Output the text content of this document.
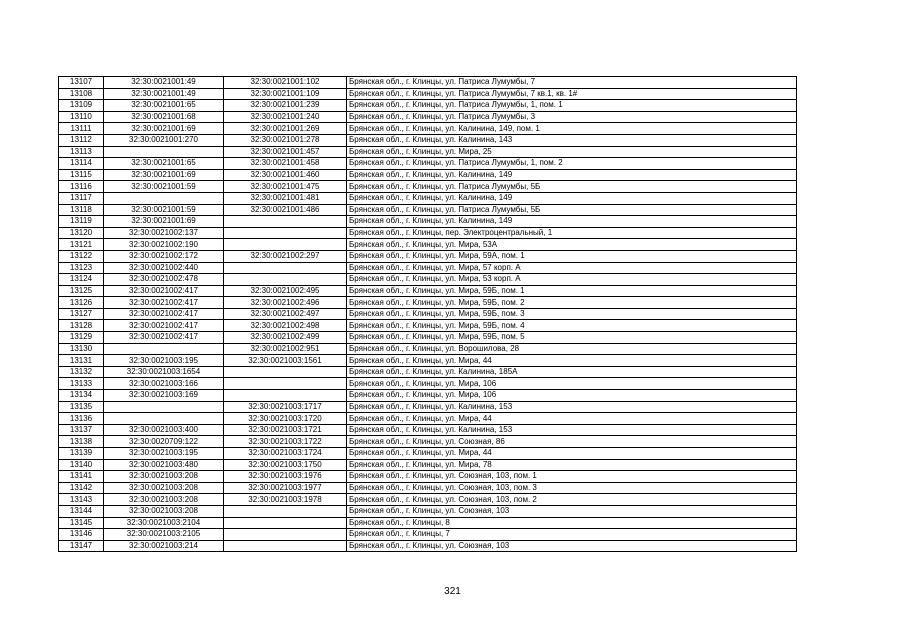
13107	32:30:0021001:49	32:30:0021001:102	Брянская обл., г. Клинцы, ул. Патриса Лумумбы, 7
13108	32:30:0021001:49	32:30:0021001:109	Брянская обл., г. Клинцы, ул. Патриса Лумумбы, 7 кв.1, кв. 1#
13109	32:30:0021001:65	32:30:0021001:239	Брянская обл., г. Клинцы, ул. Патриса Лумумбы, 1, пом. 1
13110	32:30:0021001:68	32:30:0021001:240	Брянская обл., г. Клинцы, ул. Патриса Лумумбы, 3
13111	32:30:0021001:69	32:30:0021001:269	Брянская обл., г. Клинцы, ул. Калинина, 149, пом. 1
13112	32:30:0021001:270	32:30:0021001:278	Брянская обл., г. Клинцы, ул. Калинина, 143
13113		32:30:0021001:457	Брянская обл., г. Клинцы, ул. Мира, 25
13114	32:30:0021001:65	32:30:0021001:458	Брянская обл., г. Клинцы, ул. Патриса Лумумбы, 1, пом. 2
13115	32:30:0021001:69	32:30:0021001:460	Брянская обл., г. Клинцы, ул. Калинина, 149
13116	32:30:0021001:59	32:30:0021001:475	Брянская обл., г. Клинцы, ул. Патриса Лумумбы, 5Б
13117		32:30:0021001:481	Брянская обл., г. Клинцы, ул. Калинина, 149
13118	32:30:0021001:59	32:30:0021001:486	Брянская обл., г. Клинцы, ул. Патриса Лумумбы, 5Б
13119	32:30:0021001:69		Брянская обл., г. Клинцы, ул. Калинина, 149
13120	32:30:0021002:137		Брянская обл., г. Клинцы, пер. Электроцентральный, 1
13121	32:30:0021002:190		Брянская обл., г. Клинцы, ул. Мира, 53А
13122	32:30:0021002:172	32:30:0021002:297	Брянская обл., г. Клинцы, ул. Мира, 59А, пом. 1
13123	32:30:0021002:440		Брянская обл., г. Клинцы, ул. Мира, 57 корп. А
13124	32:30:0021002:478		Брянская обл., г. Клинцы, ул. Мира, 53 корп. А
13125	32:30:0021002:417	32:30:0021002:495	Брянская обл., г. Клинцы, ул. Мира, 59Б, пом. 1
13126	32:30:0021002:417	32:30:0021002:496	Брянская обл., г. Клинцы, ул. Мира, 59Б, пом. 2
13127	32:30:0021002:417	32:30:0021002:497	Брянская обл., г. Клинцы, ул. Мира, 59Б, пом. 3
13128	32:30:0021002:417	32:30:0021002:498	Брянская обл., г. Клинцы, ул. Мира, 59Б, пом. 4
13129	32:30:0021002:417	32:30:0021002:499	Брянская обл., г. Клинцы, ул. Мира, 59Б, пом. 5
13130		32:30:0021002:951	Брянская обл., г. Клинцы, ул. Ворошилова, 28
13131	32:30:0021003:195	32:30:0021003:1561	Брянская обл., г. Клинцы, ул. Мира, 44
13132	32:30:0021003:1654		Брянская обл., г. Клинцы, ул. Калинина, 185А
13133	32:30:0021003:166		Брянская обл., г. Клинцы, ул. Мира, 106
13134	32:30:0021003:169		Брянская обл., г. Клинцы, ул. Мира, 106
13135		32:30:0021003:1717	Брянская обл., г. Клинцы, ул. Калинина, 153
13136		32:30:0021003:1720	Брянская обл., г. Клинцы, ул. Мира, 44
13137	32:30:0021003:400	32:30:0021003:1721	Брянская обл., г. Клинцы, ул. Калинина, 153
13138	32:30:0020709:122	32:30:0021003:1722	Брянская обл., г. Клинцы, ул. Союзная, 86
13139	32:30:0021003:195	32:30:0021003:1724	Брянская обл., г. Клинцы, ул. Мира, 44
13140	32:30:0021003:480	32:30:0021003:1750	Брянская обл., г. Клинцы, ул. Мира, 78
13141	32:30:0021003:208	32:30:0021003:1976	Брянская обл., г. Клинцы, ул. Союзная, 103, пом. 1
13142	32:30:0021003:208	32:30:0021003:1977	Брянская обл., г. Клинцы, ул. Союзная, 103, пом. 3
13143	32:30:0021003:208	32:30:0021003:1978	Брянская обл., г. Клинцы, ул. Союзная, 103, пом. 2
13144	32:30:0021003:208		Брянская обл., г. Клинцы, ул. Союзная, 103
13145	32:30:0021003:2104		Брянская обл., г. Клинцы, 8
13146	32:30:0021003:2105		Брянская обл., г. Клинцы, 7
13147	32:30:0021003:214		Брянская обл., г. Клинцы, ул. Союзная, 103
321
